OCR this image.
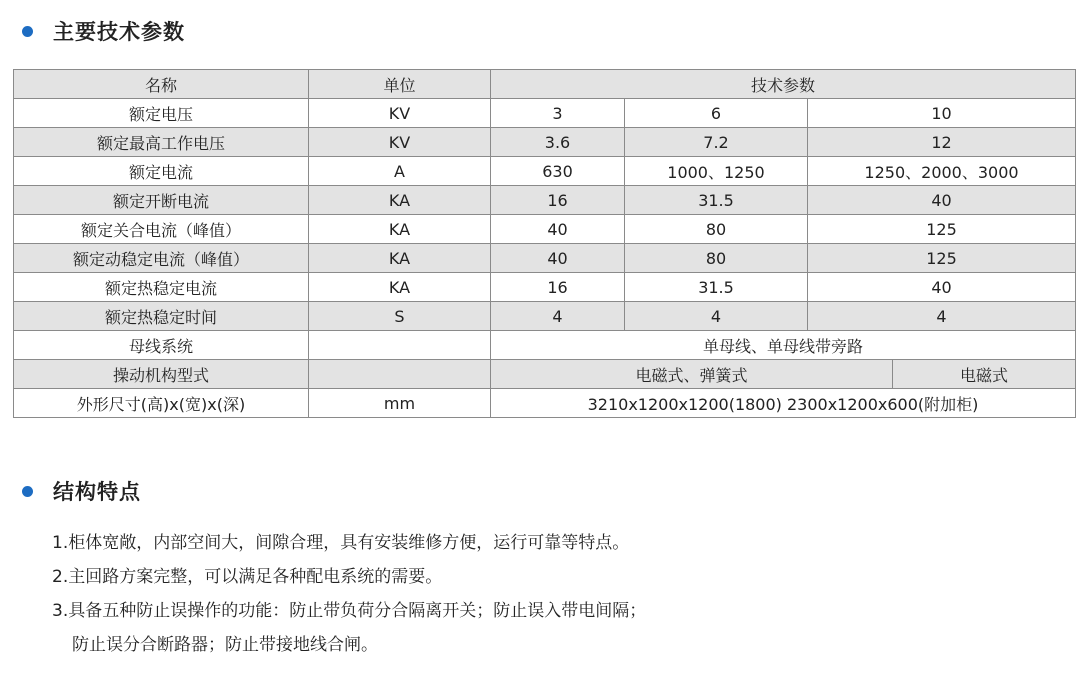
主要技术参数
名称	单位	技术参数			
额定电压	KV	3	6	10	
额定最高工作电压	KV	3.6	7.2	12	
额定电流	A	630	1000、1250	1250、2000、3000	
额定开断电流	KA	16	31.5	40	
额定关合电流（峰值）	KA	40	80	125	
额定动稳定电流（峰值）	KA	40	80	125	
额定热稳定电流	KA	16	31.5	40	
额定热稳定时间	S	4	4	4	
母线系统		单母线、单母线带旁路			
操动机构型式		电磁式、弹簧式			电磁式
外形尺寸(高)x(宽)x(深)	mm	3210x1200x1200(1800) 2300x1200x600(附加柜)			
结构特点
1.柜体宽敞，内部空间大，间隙合理，具有安装维修方便，运行可靠等特点。
2.主回路方案完整，可以满足各种配电系统的需要。
3.具备五种防止误操作的功能：防止带负荷分合隔离开关；防止误入带电间隔；
防止误分合断路器；防止带接地线合闸。
